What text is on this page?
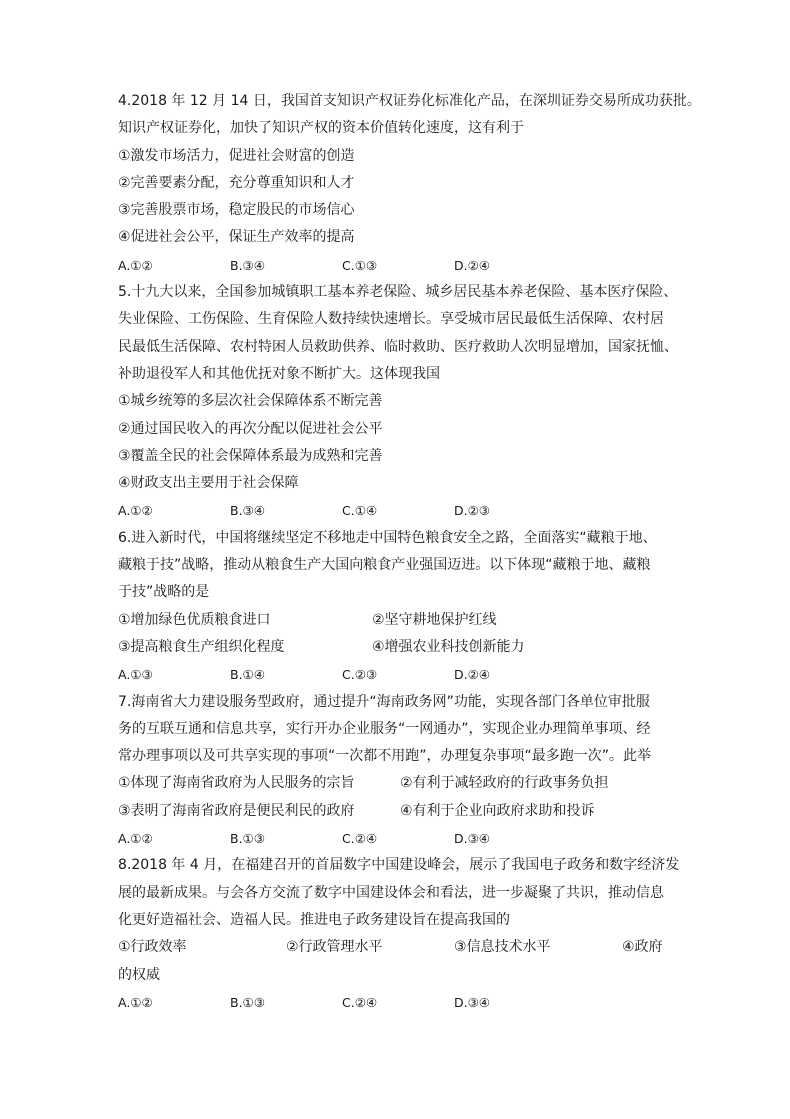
4.2018 年 12 月 14 日，我国首支知识产权证券化标准化产品，在深圳证券交易所成功获批。
知识产权证券化，加快了知识产权的资本价值转化速度，这有利于
①激发市场活力，促进社会财富的创造
②完善要素分配，充分尊重知识和人才
③完善股票市场，稳定股民的市场信心
④促进社会公平，保证生产效率的提高
A.①②	B.③④	C.①③	D.②④
5.十九大以来，全国参加城镇职工基本养老保险、城乡居民基本养老保险、基本医疗保险、
失业保险、工伤保险、生育保险人数持续快速增长。享受城市居民最低生活保障、农村居
民最低生活保障、农村特困人员救助供养、临时救助、医疗救助人次明显增加，国家抚恤、
补助退役军人和其他优抚对象不断扩大。这体现我国
①城乡统筹的多层次社会保障体系不断完善
②通过国民收入的再次分配以促进社会公平
③覆盖全民的社会保障体系最为成熟和完善
④财政支出主要用于社会保障
A.①②	B.③④	C.①④	D.②③
6.进入新时代，中国将继续坚定不移地走中国特色粮食安全之路，全面落实“藏粮于地、
藏粮于技”战略，推动从粮食生产大国向粮食产业强国迈进。以下体现“藏粮于地、藏粮
于技”战略的是
①增加绿色优质粮食进口	②坚守耕地保护红线
③提高粮食生产组织化程度	④增强农业科技创新能力
A.①③	B.①④	C.②③	D.②④
7.海南省大力建设服务型政府，通过提升“海南政务网”功能，实现各部门各单位审批服
务的互联互通和信息共享，实行开办企业服务“一网通办”，实现企业办理简单事项、经
常办理事项以及可共享实现的事项“一次都不用跑”，办理复杂事项“最多跑一次”。此举
①体现了海南省政府为人民服务的宗旨	②有利于减轻政府的行政事务负担
③表明了海南省政府是便民利民的政府	④有利于企业向政府求助和投诉
A.①②	B.①③	C.②④	D.③④
8.2018 年 4 月，在福建召开的首届数字中国建设峰会，展示了我国电子政务和数字经济发
展的最新成果。与会各方交流了数字中国建设体会和看法，进一步凝聚了共识，推动信息
化更好造福社会、造福人民。推进电子政务建设旨在提高我国的
①行政效率	②行政管理水平	③信息技术水平	④政府
的权威
A.①②	B.①③	C.②④	D.③④
